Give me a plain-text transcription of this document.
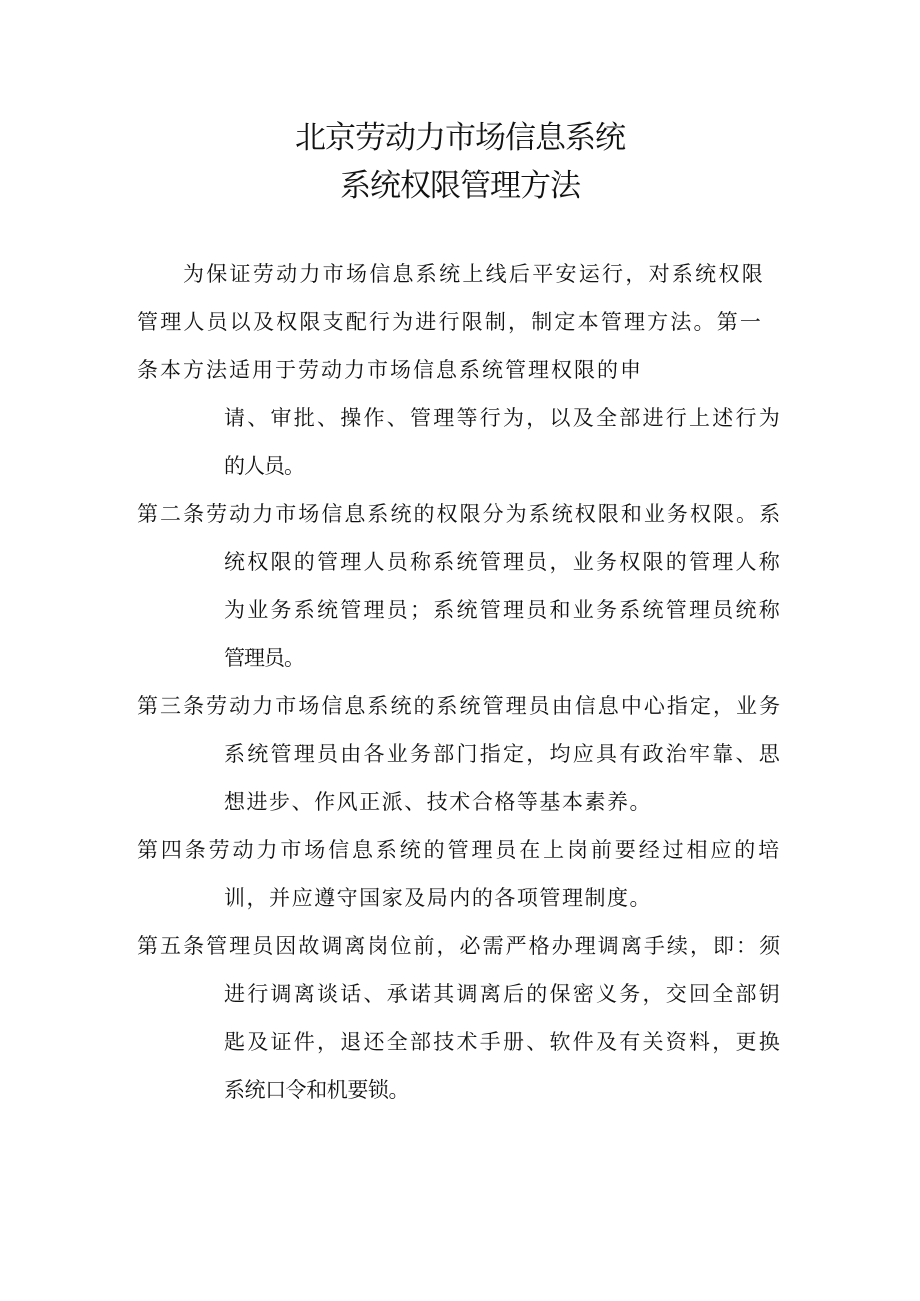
北京劳动力市场信息系统
系统权限管理方法
为保证劳动力市场信息系统上线后平安运行，对系统权限
管理人员以及权限支配行为进行限制，制定本管理方法。第一
条本方法适用于劳动力市场信息系统管理权限的申
请、审批、操作、管理等行为，以及全部进行上述行为
的人员。
第二条劳动力市场信息系统的权限分为系统权限和业务权限。系
统权限的管理人员称系统管理员，业务权限的管理人称
为业务系统管理员；系统管理员和业务系统管理员统称
管理员。
第三条劳动力市场信息系统的系统管理员由信息中心指定，业务
系统管理员由各业务部门指定，均应具有政治牢靠、思
想进步、作风正派、技术合格等基本素养。
第四条劳动力市场信息系统的管理员在上岗前要经过相应的培
训，并应遵守国家及局内的各项管理制度。
第五条管理员因故调离岗位前，必需严格办理调离手续，即：须
进行调离谈话、承诺其调离后的保密义务，交回全部钥
匙及证件，退还全部技术手册、软件及有关资料，更换
系统口令和机要锁。
